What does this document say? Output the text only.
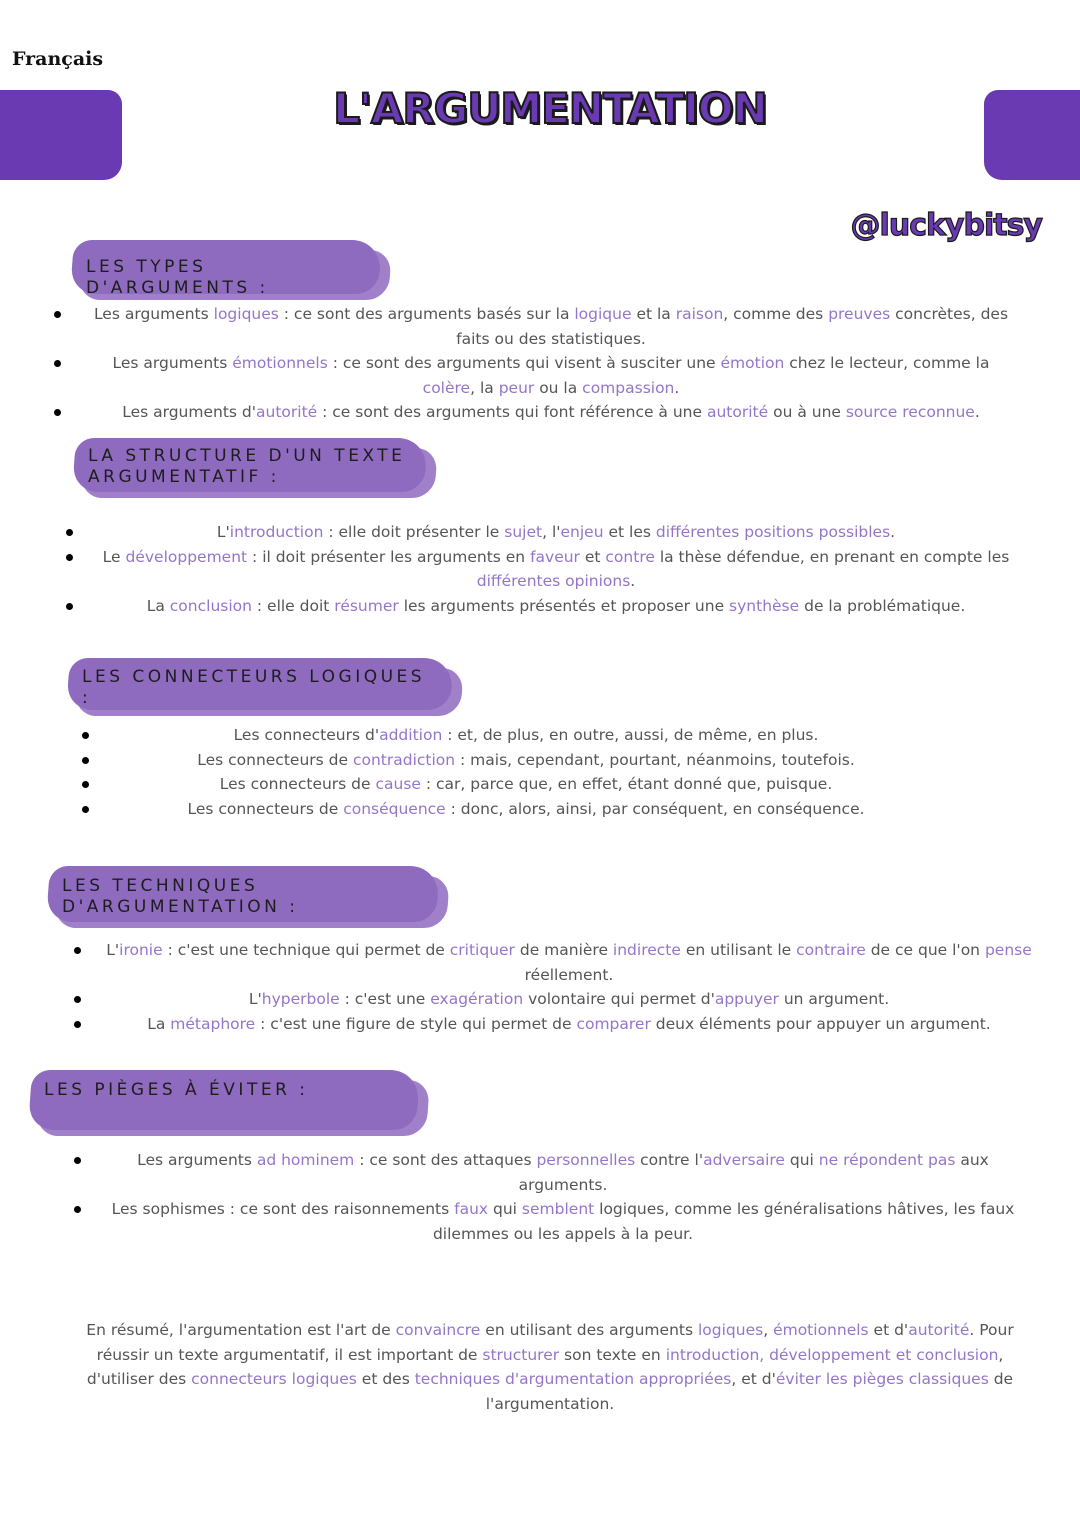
Français
L'ARGUMENTATION
@luckybitsy
LES TYPES D'ARGUMENTS :
Les arguments logiques : ce sont des arguments basés sur la logique et la raison, comme des preuves concrètes, des faits ou des statistiques.
Les arguments émotionnels : ce sont des arguments qui visent à susciter une émotion chez le lecteur, comme la colère, la peur ou la compassion.
Les arguments d'autorité : ce sont des arguments qui font référence à une autorité ou à une source reconnue.
LA STRUCTURE D'UN TEXTE ARGUMENTATIF :
L'introduction : elle doit présenter le sujet, l'enjeu et les différentes positions possibles.
Le développement : il doit présenter les arguments en faveur et contre la thèse défendue, en prenant en compte les différentes opinions.
La conclusion : elle doit résumer les arguments présentés et proposer une synthèse de la problématique.
LES CONNECTEURS LOGIQUES :
Les connecteurs d'addition : et, de plus, en outre, aussi, de même, en plus.
Les connecteurs de contradiction : mais, cependant, pourtant, néanmoins, toutefois.
Les connecteurs de cause : car, parce que, en effet, étant donné que, puisque.
Les connecteurs de conséquence : donc, alors, ainsi, par conséquent, en conséquence.
LES TECHNIQUES D'ARGUMENTATION :
L'ironie : c'est une technique qui permet de critiquer de manière indirecte en utilisant le contraire de ce que l'on pense réellement.
L'hyperbole : c'est une exagération volontaire qui permet d'appuyer un argument.
La métaphore : c'est une figure de style qui permet de comparer deux éléments pour appuyer un argument.
LES PIÈGES À ÉVITER :
Les arguments ad hominem : ce sont des attaques personnelles contre l'adversaire qui ne répondent pas aux arguments.
Les sophismes : ce sont des raisonnements faux qui semblent logiques, comme les généralisations hâtives, les faux dilemmes ou les appels à la peur.
En résumé, l'argumentation est l'art de convaincre en utilisant des arguments logiques, émotionnels et d'autorité. Pour réussir un texte argumentatif, il est important de structurer son texte en introduction, développement et conclusion, d'utiliser des connecteurs logiques et des techniques d'argumentation appropriées, et d'éviter les pièges classiques de l'argumentation.
